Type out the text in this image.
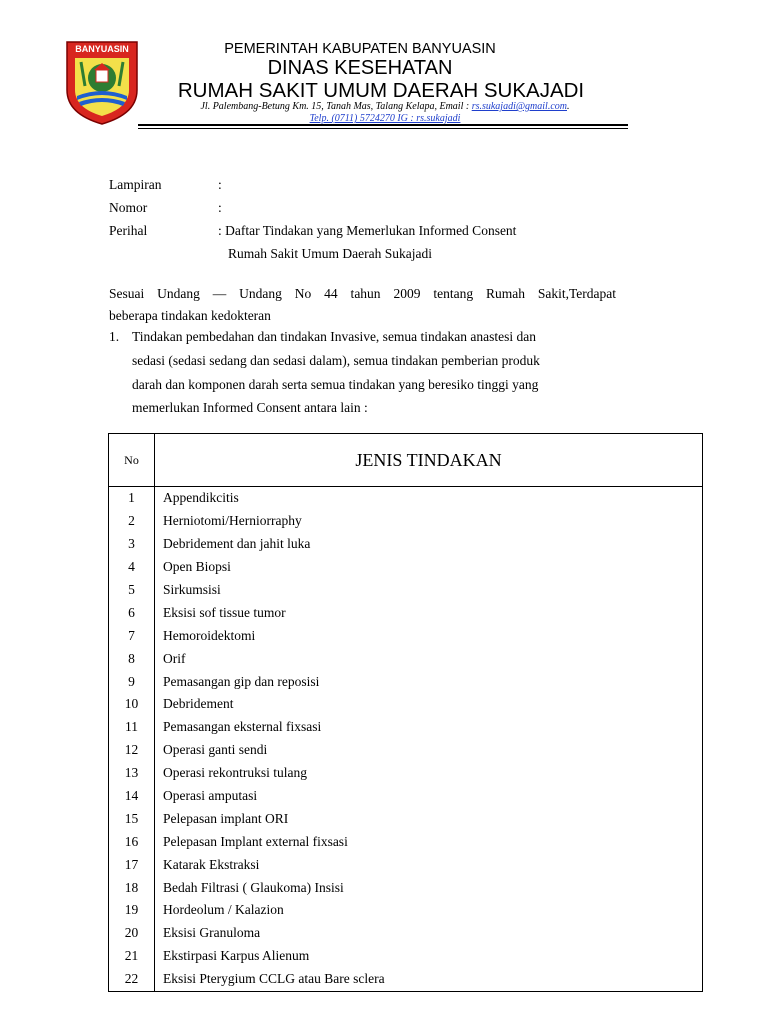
BANYUASIN	PEMERINTAH KABUPATEN BANYUASIN
DINAS KESEHATAN
RUMAH SAKIT UMUM DAERAH SUKAJADI
Jl. Palembang-Betung Km. 15, Tanah Mas, Talang Kelapa, Email : rs.sukajadi@gmail.com.
Telp. (0711) 5724270 IG : rs.sukajadi
Lampiran	:
Nomor	:
Perihal	: Daftar Tindakan yang Memerlukan Informed Consent
Rumah Sakit Umum Daerah Sukajadi
Sesuai Undang — Undang No 44 tahun 2009 tentang Rumah Sakit,Terdapat
beberapa tindakan kedokteran
1. Tindakan pembedahan dan tindakan Invasive, semua tindakan anastesi dan
sedasi (sedasi sedang dan sedasi dalam), semua tindakan pemberian produk
darah dan komponen darah serta semua tindakan yang beresiko tinggi yang
memerlukan Informed Consent antara lain :
No	JENIS TINDAKAN
1	Appendikcitis
2	Herniotomi/Herniorraphy
3	Debridement dan jahit luka
4	Open Biopsi
5	Sirkumsisi
6	Eksisi sof tissue tumor
7	Hemoroidektomi
8	Orif
9	Pemasangan gip dan reposisi
10	Debridement
11	Pemasangan eksternal fixsasi
12	Operasi ganti sendi
13	Operasi rekontruksi tulang
14	Operasi amputasi
15	Pelepasan implant ORI
16	Pelepasan Implant external fixsasi
17	Katarak Ekstraksi
18	Bedah Filtrasi ( Glaukoma) Insisi
19	Hordeolum / Kalazion
20	Eksisi Granuloma
21	Ekstirpasi Karpus Alienum
22	Eksisi Pterygium CCLG atau Bare sclera
